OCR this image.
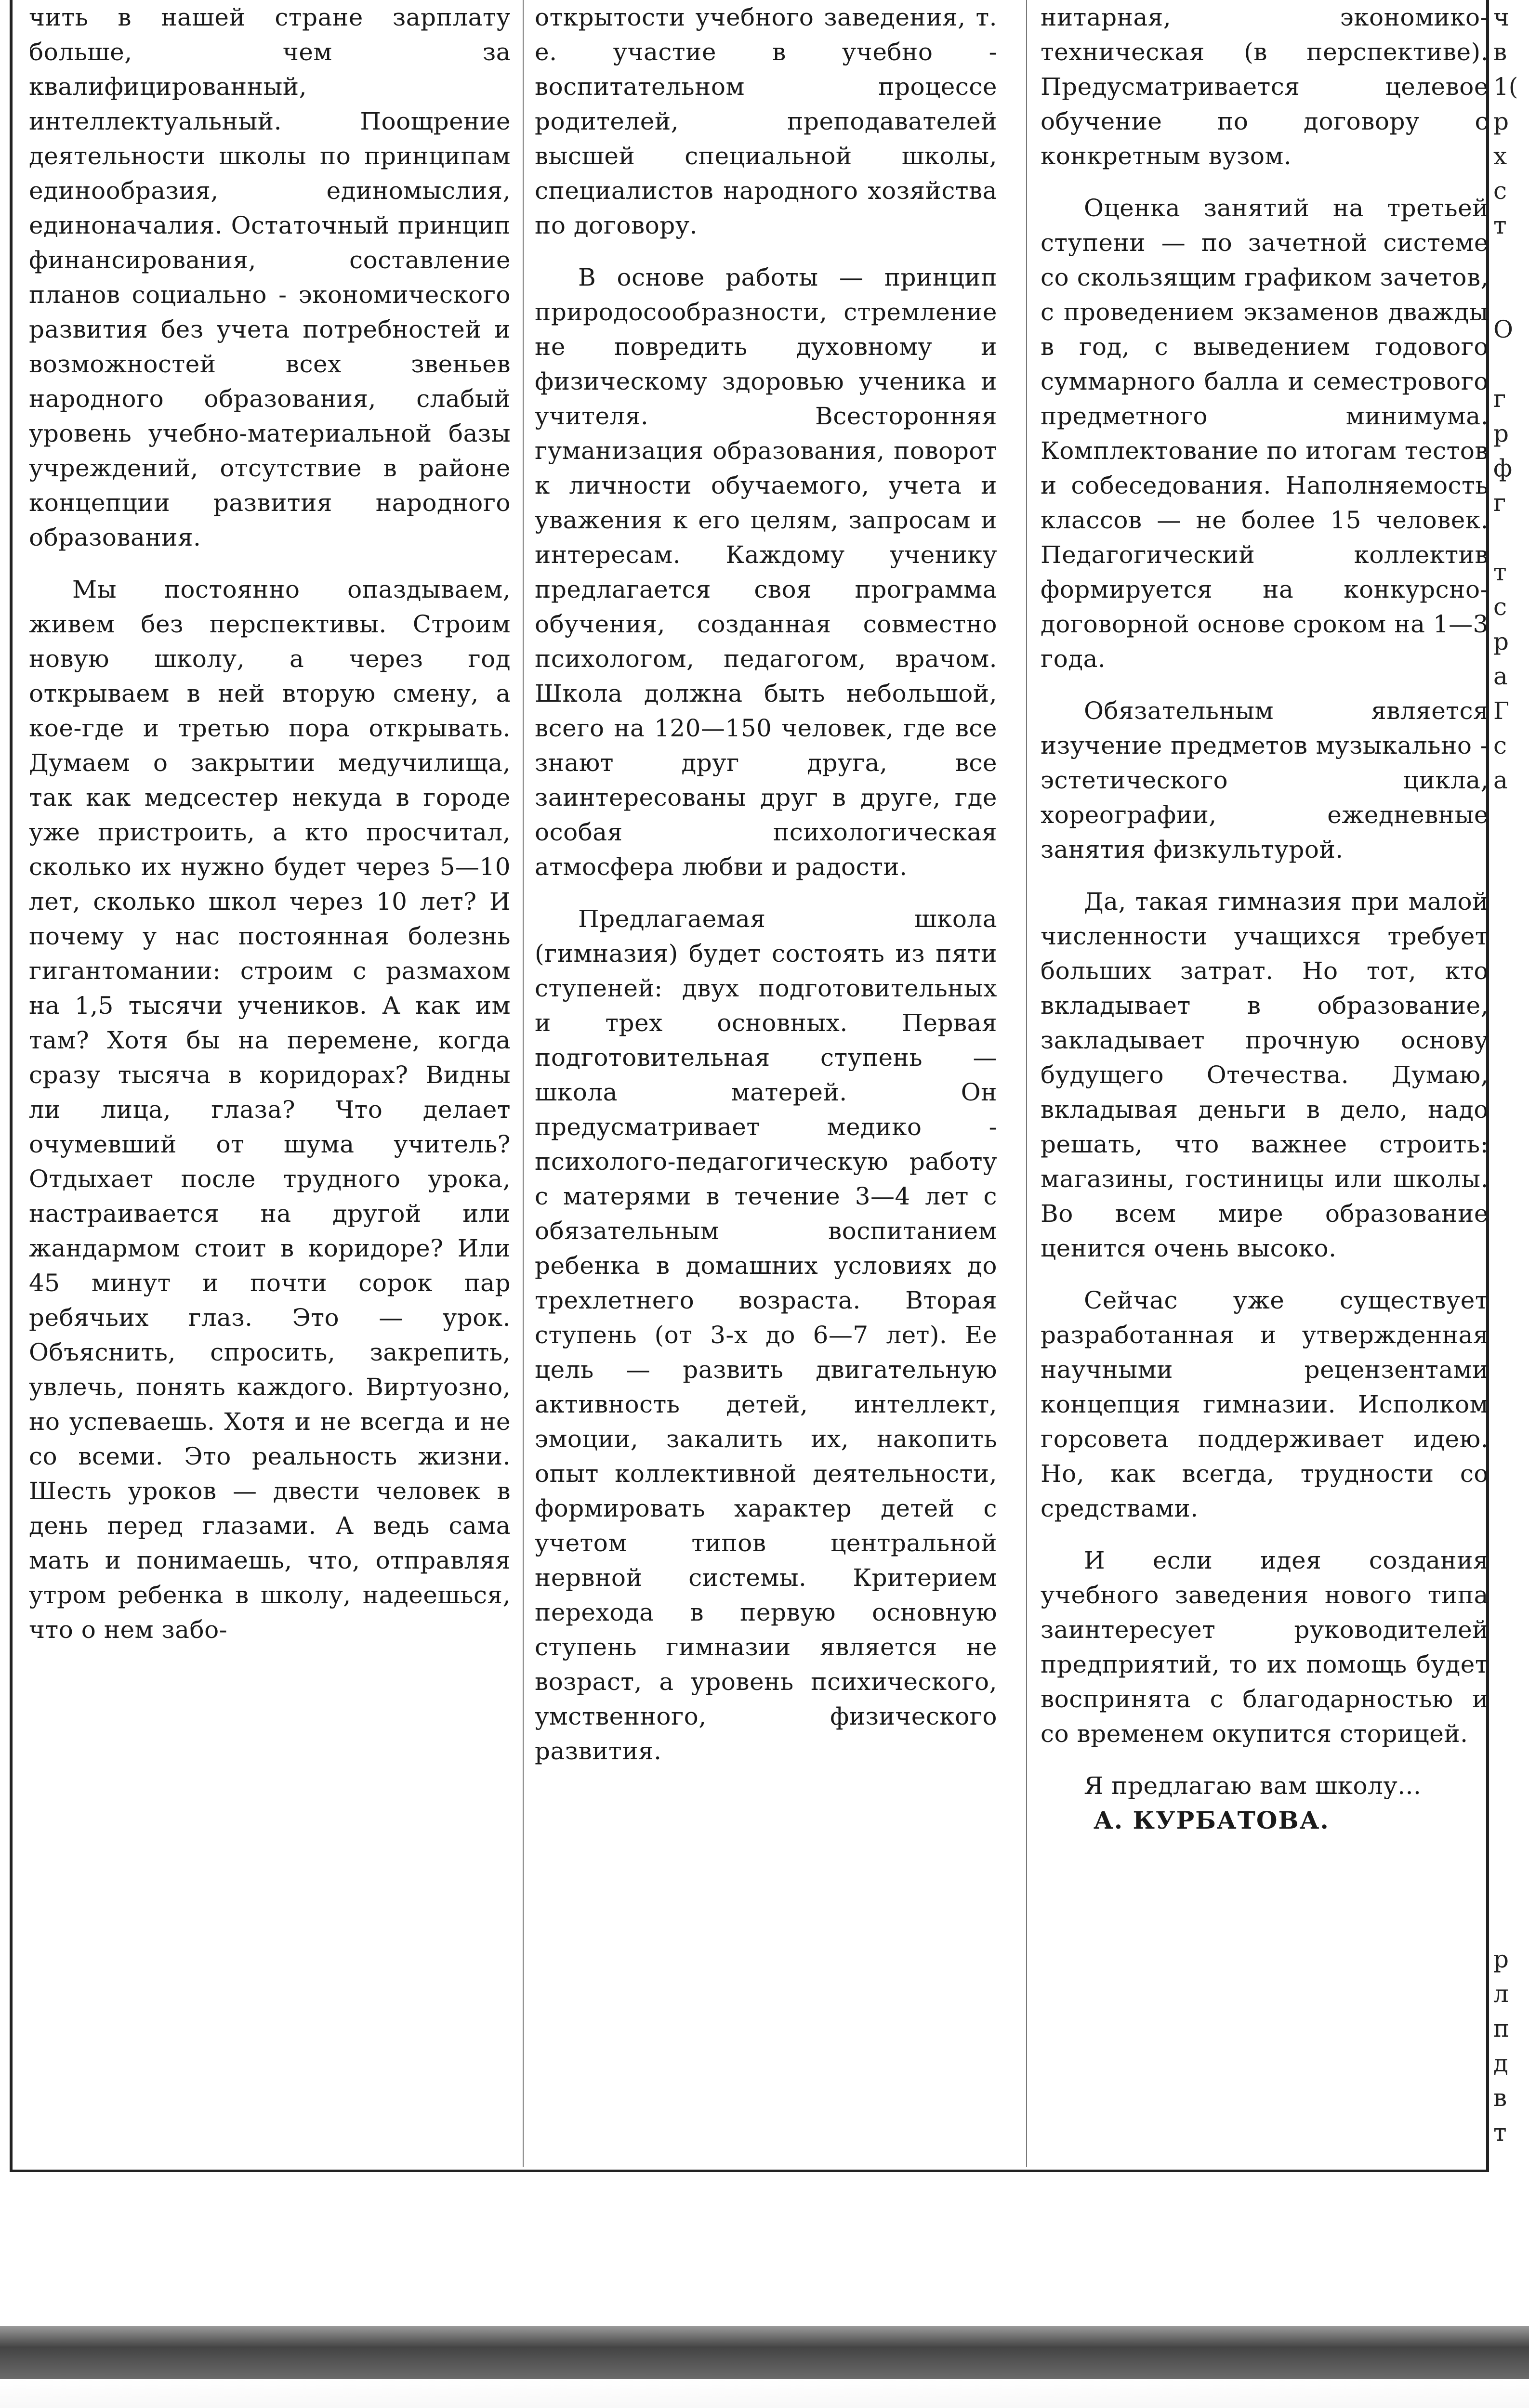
чить в нашей стране зарплату больше, чем за квалифицированный, интеллектуальный. Поощрение деятельности школы по принципам единообразия, единомыслия, единоначалия. Остаточный принцип финансирования, составление планов социально - экономического развития без учета потребностей и возможностей всех звеньев народного образования, слабый уровень учебно-материальной базы учреждений, отсутствие в районе концепции развития народного образования.

Мы постоянно опаздываем, живем без перспективы. Строим новую школу, а через год открываем в ней вторую смену, а кое-где и третью пора открывать. Думаем о закрытии медучилища, так как медсестер некуда в городе уже пристроить, а кто просчитал, сколько их нужно будет через 5—10 лет, сколько школ через 10 лет? И почему у нас постоянная болезнь гигантомании: строим с размахом на 1,5 тысячи учеников. А как им там? Хотя бы на перемене, когда сразу тысяча в коридорах? Видны ли лица, глаза? Что делает очумевший от шума учитель? Отдыхает после трудного урока, настраивается на другой или жандармом стоит в коридоре? Или 45 минут и почти сорок пар ребячьих глаз. Это — урок. Объяснить, спросить, закрепить, увлечь, понять каждого. Виртуозно, но успеваешь. Хотя и не всегда и не со всеми. Это реальность жизни. Шесть уроков — двести человек в день перед глазами. А ведь сама мать и понимаешь, что, отправляя утром ребенка в школу, надеешься, что о нем забо-

открытости учебного заведения, т. е. участие в учебно - воспитательном процессе родителей, преподавателей высшей специальной школы, специалистов народного хозяйства по договору.

В основе работы — принцип природосообразности, стремление не повредить духовному и физическому здоровью ученика и учителя. Всесторонняя гуманизация образования, поворот к личности обучаемого, учета и уважения к его целям, запросам и интересам. Каждому ученику предлагается своя программа обучения, созданная совместно психологом, педагогом, врачом. Школа должна быть небольшой, всего на 120—150 человек, где все знают друг друга, все заинтересованы друг в друге, где особая психологическая атмосфера любви и радости.

Предлагаемая школа (гимназия) будет состоять из пяти ступеней: двух подготовительных и трех основных. Первая подготовительная ступень — школа матерей. Он предусматривает медико - психолого-педагогическую работу с матерями в течение 3—4 лет с обязательным воспитанием ребенка в домашних условиях до трехлетнего возраста. Вторая ступень (от 3-х до 6—7 лет). Ее цель — развить двигательную активность детей, интеллект, эмоции, закалить их, накопить опыт коллективной деятельности, формировать характер детей с учетом типов центральной нервной системы. Критерием перехода в первую основную ступень гимназии является не возраст, а уровень психического, умственного, физического развития.

нитарная, экономико-техническая (в перспективе). Предусматривается целевое обучение по договору с конкретным вузом.

Оценка занятий на третьей ступени — по зачетной системе со скользящим графиком зачетов, с проведением экзаменов дважды в год, с выведением годового суммарного балла и семестрового предметного минимума. Комплектование по итогам тестов и собеседования. Наполняемость классов — не более 15 человек. Педагогический коллектив формируется на конкурсно-договорной основе сроком на 1—3 года.

Обязательным является изучение предметов музыкально - эстетического цикла, хореографии, ежедневные занятия физкультурой.

Да, такая гимназия при малой численности учащихся требует больших затрат. Но тот, кто вкладывает в образование, закладывает прочную основу будущего Отечества. Думаю, вкладывая деньги в дело, надо решать, что важнее строить: магазины, гостиницы или школы. Во всем мире образование ценится очень высоко.

Сейчас уже существует разработанная и утвержденная научными рецензентами концепция гимназии. Исполком горсовета поддерживает идею. Но, как всегда, трудности со средствами.

И если идея создания учебного заведения нового типа заинтересует руководителей предприятий, то их помощь будет воспринята с благодарностью и со временем окупится сторицей.

Я предлагаю вам школу... А. КУРБАТОВА.

ч
в
1(
р
х
с
т

О

г
р
ф
г

т
с
р
а
Г
с
а

р
л
п
д
в
т
